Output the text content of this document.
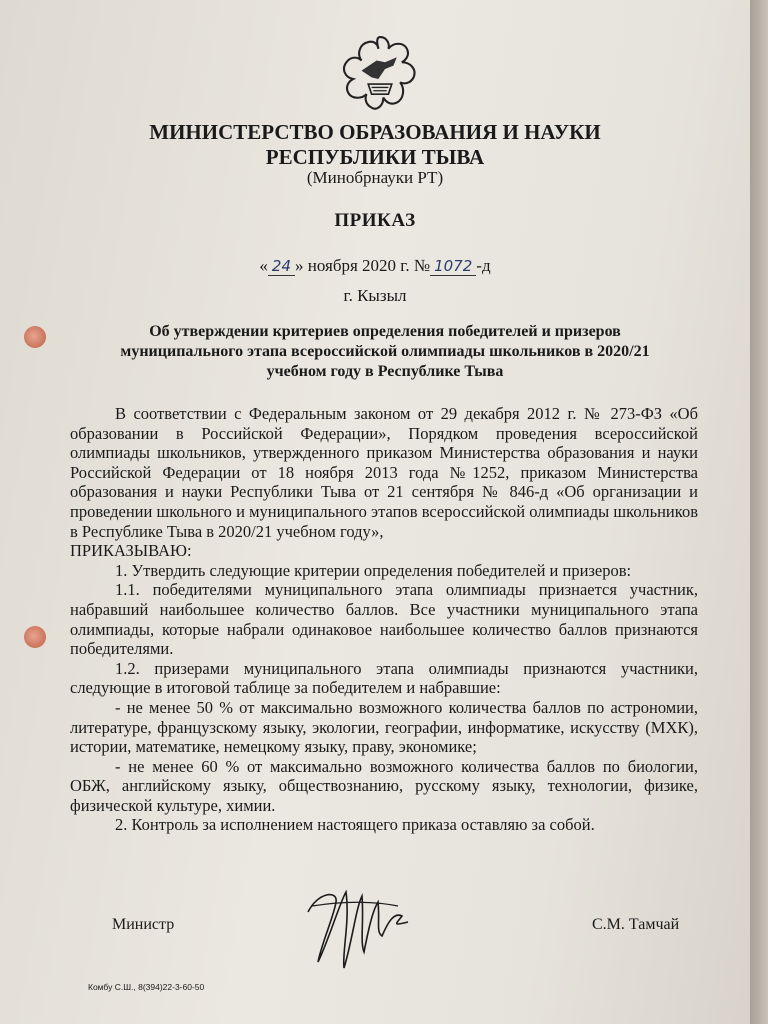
МИНИСТЕРСТВО ОБРАЗОВАНИЯ И НАУКИ
РЕСПУБЛИКИ ТЫВА
(Минобрнауки РТ)
ПРИКАЗ
« 24 » ноября 2020 г. № 1072 -д
г. Кызыл
Об утверждении критериев определения победителей и призеров
муниципального этапа всероссийской олимпиады школьников в 2020/21
учебном году в Республике Тыва

В соответствии с Федеральным законом от 29 декабря 2012 г. № 273-ФЗ «Об образовании в Российской Федерации», Порядком проведения всероссийской олимпиады школьников, утвержденного приказом Министерства образования и науки Российской Федерации от 18 ноября 2013 года №1252, приказом Министерства образования и науки Республики Тыва от 21 сентября № 846-д «Об организации и проведении школьного и муниципального этапов всероссийской олимпиады школьников в Республике Тыва в 2020/21 учебном году»,

ПРИКАЗЫВАЮ:

1. Утвердить следующие критерии определения победителей и призеров:

1.1. победителями муниципального этапа олимпиады признается участник, набравший наибольшее количество баллов. Все участники муниципального этапа олимпиады, которые набрали одинаковое наибольшее количество баллов признаются победителями.

1.2. призерами муниципального этапа олимпиады признаются участники, следующие в итоговой таблице за победителем и набравшие:

- не менее 50 % от максимально возможного количества баллов по астрономии, литературе, французскому языку, экологии, географии, информатике, искусству (МХК), истории, математике, немецкому языку, праву, экономике;

- не менее 60 % от максимально возможного количества баллов по биологии, ОБЖ, английскому языку, обществознанию, русскому языку, технологии, физике, физической культуре, химии.

2. Контроль за исполнением настоящего приказа оставляю за собой.

Министр	С.М. Тамчай
Комбу С.Ш., 8(394)22-3-60-50
